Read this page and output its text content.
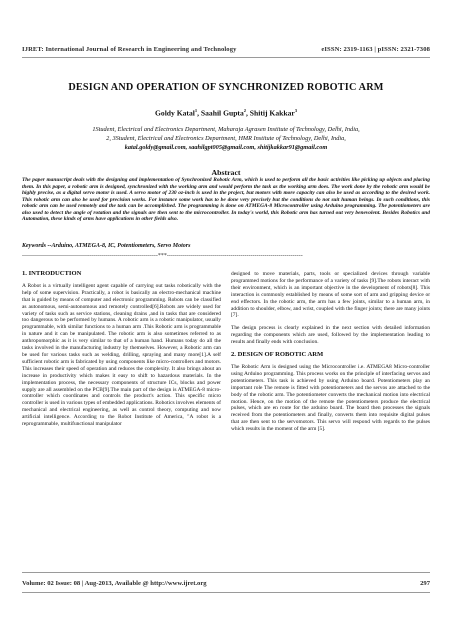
IJRET: International Journal of Research in Engineering and Technology	eISSN: 2319-1163 | pISSN: 2321-7308
DESIGN AND OPERATION OF SYNCHRONIZED ROBOTIC ARM
Goldy Katal$^1$, Saahil Gupta$^2$, Shitij Kakkar$^3$
1Student, Electrical and Electronics Department, Maharaja Agrasen Institute of Technology, Delhi, India,
2, 3Student, Electrical and Electronics Department, HMR Institute of Technology, Delhi, India,
katal.goldy@gmail.com, saahilgpt005@gmail.com, shitijkakkar91@gmail.com
Abstract
The paper manuscript deals with the designing and implementation of Synchronized Robotic Arm, which is used to perform all the basic activities like picking up objects and placing them. In this paper, a robotic arm is designed, synchronized with the working arm and would perform the task as the working arm does. The work done by the robotic arm would be highly precise, as a digital servo motor is used. A servo motor of 230 oz-inch is used in the project, but motors with more capacity can also be used as according to the desired work. This robotic arm can also be used for precision works. For instance some work has to be done very precisely but the conditions do not suit human beings. In such conditions, this robotic arm can be used remotely and the task can be accomplished. The programming is done on ATMEGA-8 Microcontroller using Arduino programming. The potentiometers are also used to detect the angle of rotation and the signals are then sent to the microcontroller. In today's world, this Robotic arm has turned out very benevolent. Besides Robotics and Automation, these kinds of arms have applications in other fields also.
Keywords --Arduino, ATMEGA-8, IC, Potentiometers, Servo Motors
--------------------------------------------------------------------***--------------------------------------------------------------------
1. INTRODUCTION

A Robot is a virtually intelligent agent capable of carrying out tasks robotically with the help of some supervision. Practically, a robot is basically an electro-mechanical machine that is guided by means of computer and electronic programming. Robots can be classified as autonomous, semi-autonomous and remotely controlled[6].Robots are widely used for variety of tasks such as service stations, cleaning drains ,and in tasks that are considered too dangerous to be performed by humans. A robotic arm is a robotic manipulator, usually programmable, with similar functions to a human arm .This Robotic arm is programmable in nature and it can be manipulated. The robotic arm is also sometimes referred to as anthropomorphic as it is very similar to that of a human hand. Humans today do all the tasks involved in the manufacturing industry by themselves. However, a Robotic arm can be used for various tasks such as welding, drilling, spraying and many more[1].A self sufficient robotic arm is fabricated by using components like micro-controllers and motors. This increases their speed of operation and reduces the complexity. It also brings about an increase in productivity which makes it easy to shift to hazardous materials. In the implementation process, the necessary components of structure ICs, blocks and power supply are all assembled on the PCB[9].The main part of the design is ATMEGA-8 micro-controller which coordinates and controls the product's action. This specific micro controller is used in various types of embedded applications. Robotics involves elements of mechanical and electrical engineering, as well as control theory, computing and now artificial intelligence. According to the Robot Institute of America, "A robot is a reprogrammable, multifunctional manipulator

designed to move materials, parts, tools or specialized devices through variable programmed motions for the performance of a variety of tasks [9].The robots interact with their environment, which is an important objective in the development of robots[8]. This interaction is commonly established by means of some sort of arm and gripping device or end effectors. In the robotic arm, the arm has a few joints, similar to a human arm, in addition to shoulder, elbow, and wrist, coupled with the finger joints; there are many joints [7].

The design process is clearly explained in the next section with detailed information regarding the components which are used, followed by the implementation leading to results and finally ends with conclusion.

2. DESIGN OF ROBOTIC ARM

The Robotic Arm is designed using the Microcontroller i.e. ATMEGA8 Micro-controller using Arduino programming. This process works on the principle of interfacing servos and potentiometers. This task is achieved by using Arduino board. Potentiometers play an important role The remote is fitted with potentiometers and the servos are attached to the body of the robotic arm. The potentiometer converts the mechanical motion into electrical motion. Hence, on the motion of the remote the potentiometers produce the electrical pulses, which are en route for the arduino board. The board then processes the signals received from the potentiometers and finally, converts them into requisite digital pulses that are then sent to the servomotors. This servo will respond with regards to the pulses which results in the moment of the arm [5].

Volume: 02 Issue: 08 | Aug-2013, Available @ http://www.ijret.org	297
